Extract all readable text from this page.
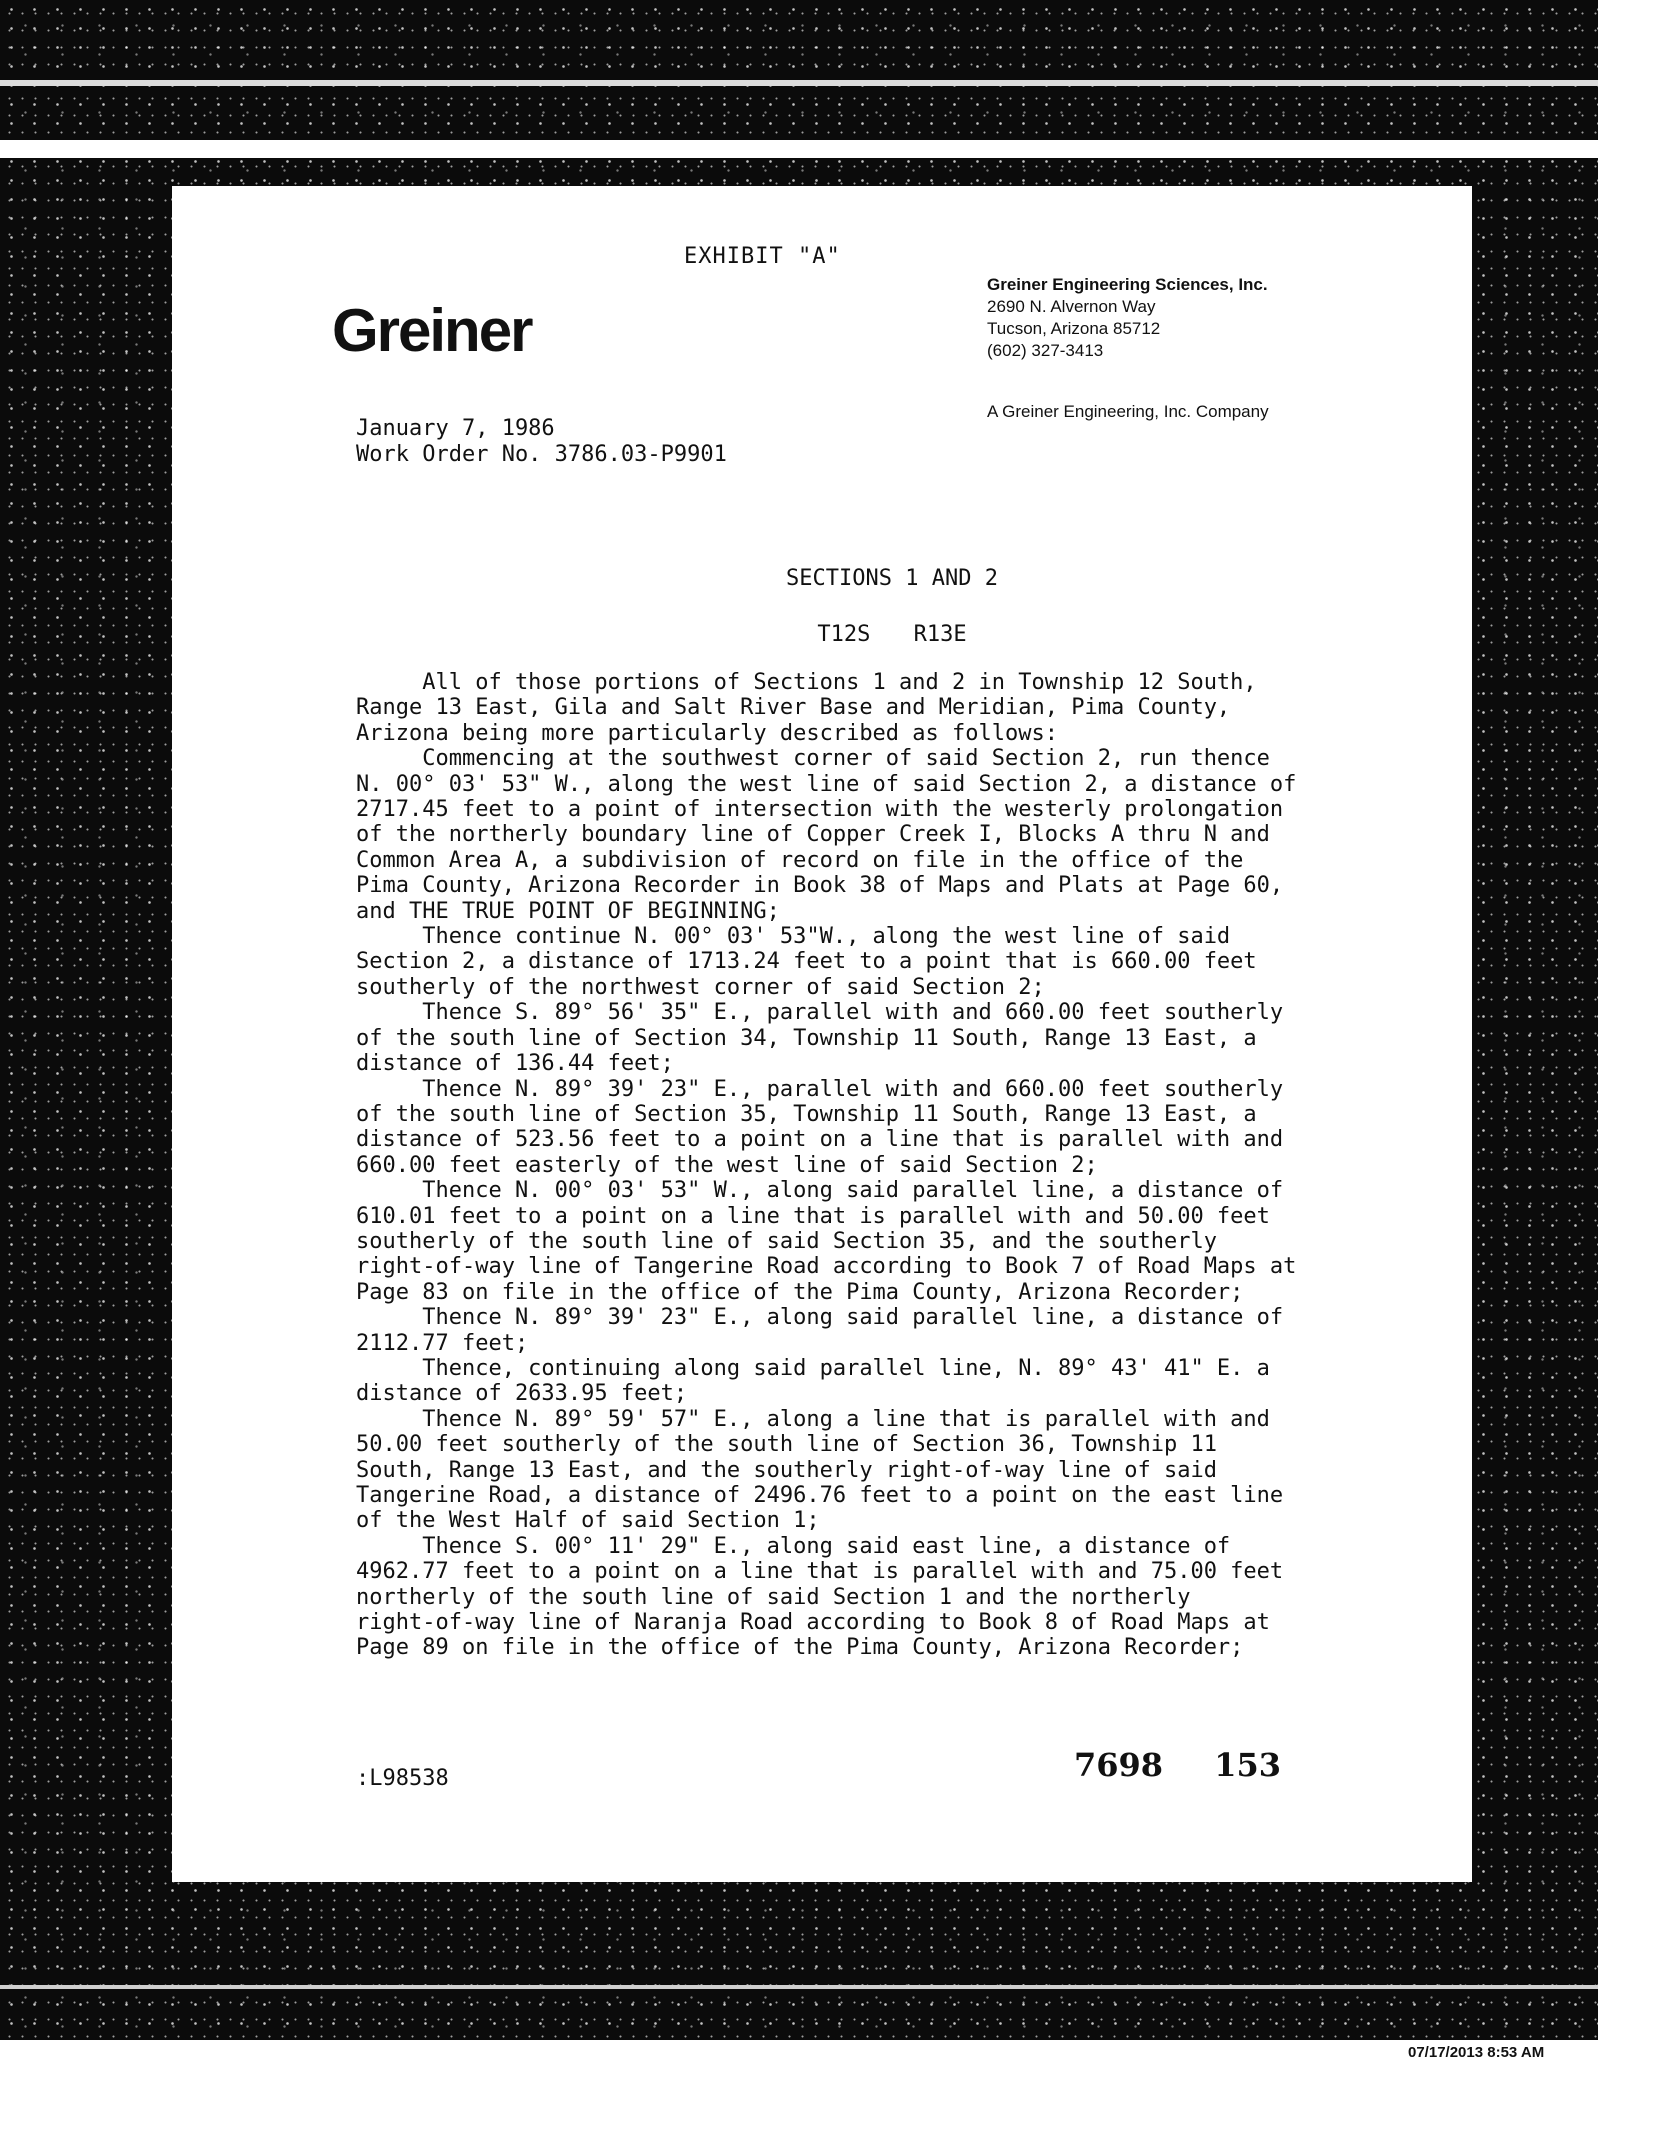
EXHIBIT "A"
Greiner
Greiner Engineering Sciences, Inc.
2690 N. Alvernon Way
Tucson, Arizona 85712
(602) 327-3413
A Greiner Engineering, Inc. Company
January 7, 1986
Work Order No. 3786.03-P9901
SECTIONS 1 AND 2
T12S R13E
All of those portions of Sections 1 and 2 in Township 12 South,
Range 13 East, Gila and Salt River Base and Meridian, Pima County,
Arizona being more particularly described as follows:
Commencing at the southwest corner of said Section 2, run thence
N. 00° 03' 53" W., along the west line of said Section 2, a distance of
2717.45 feet to a point of intersection with the westerly prolongation
of the northerly boundary line of Copper Creek I, Blocks A thru N and
Common Area A, a subdivision of record on file in the office of the
Pima County, Arizona Recorder in Book 38 of Maps and Plats at Page 60,
and THE TRUE POINT OF BEGINNING;
Thence continue N. 00° 03' 53"W., along the west line of said
Section 2, a distance of 1713.24 feet to a point that is 660.00 feet
southerly of the northwest corner of said Section 2;
Thence S. 89° 56' 35" E., parallel with and 660.00 feet southerly
of the south line of Section 34, Township 11 South, Range 13 East, a
distance of 136.44 feet;
Thence N. 89° 39' 23" E., parallel with and 660.00 feet southerly
of the south line of Section 35, Township 11 South, Range 13 East, a
distance of 523.56 feet to a point on a line that is parallel with and
660.00 feet easterly of the west line of said Section 2;
Thence N. 00° 03' 53" W., along said parallel line, a distance of
610.01 feet to a point on a line that is parallel with and 50.00 feet
southerly of the south line of said Section 35, and the southerly
right-of-way line of Tangerine Road according to Book 7 of Road Maps at
Page 83 on file in the office of the Pima County, Arizona Recorder;
Thence N. 89° 39' 23" E., along said parallel line, a distance of
2112.77 feet;
Thence, continuing along said parallel line, N. 89° 43' 41" E. a
distance of 2633.95 feet;
Thence N. 89° 59' 57" E., along a line that is parallel with and
50.00 feet southerly of the south line of Section 36, Township 11
South, Range 13 East, and the southerly right-of-way line of said
Tangerine Road, a distance of 2496.76 feet to a point on the east line
of the West Half of said Section 1;
Thence S. 00° 11' 29" E., along said east line, a distance of
4962.77 feet to a point on a line that is parallel with and 75.00 feet
northerly of the south line of said Section 1 and the northerly
right-of-way line of Naranja Road according to Book 8 of Road Maps at
Page 89 on file in the office of the Pima County, Arizona Recorder;
:L98538	7698 153
07/17/2013 8:53 AM
